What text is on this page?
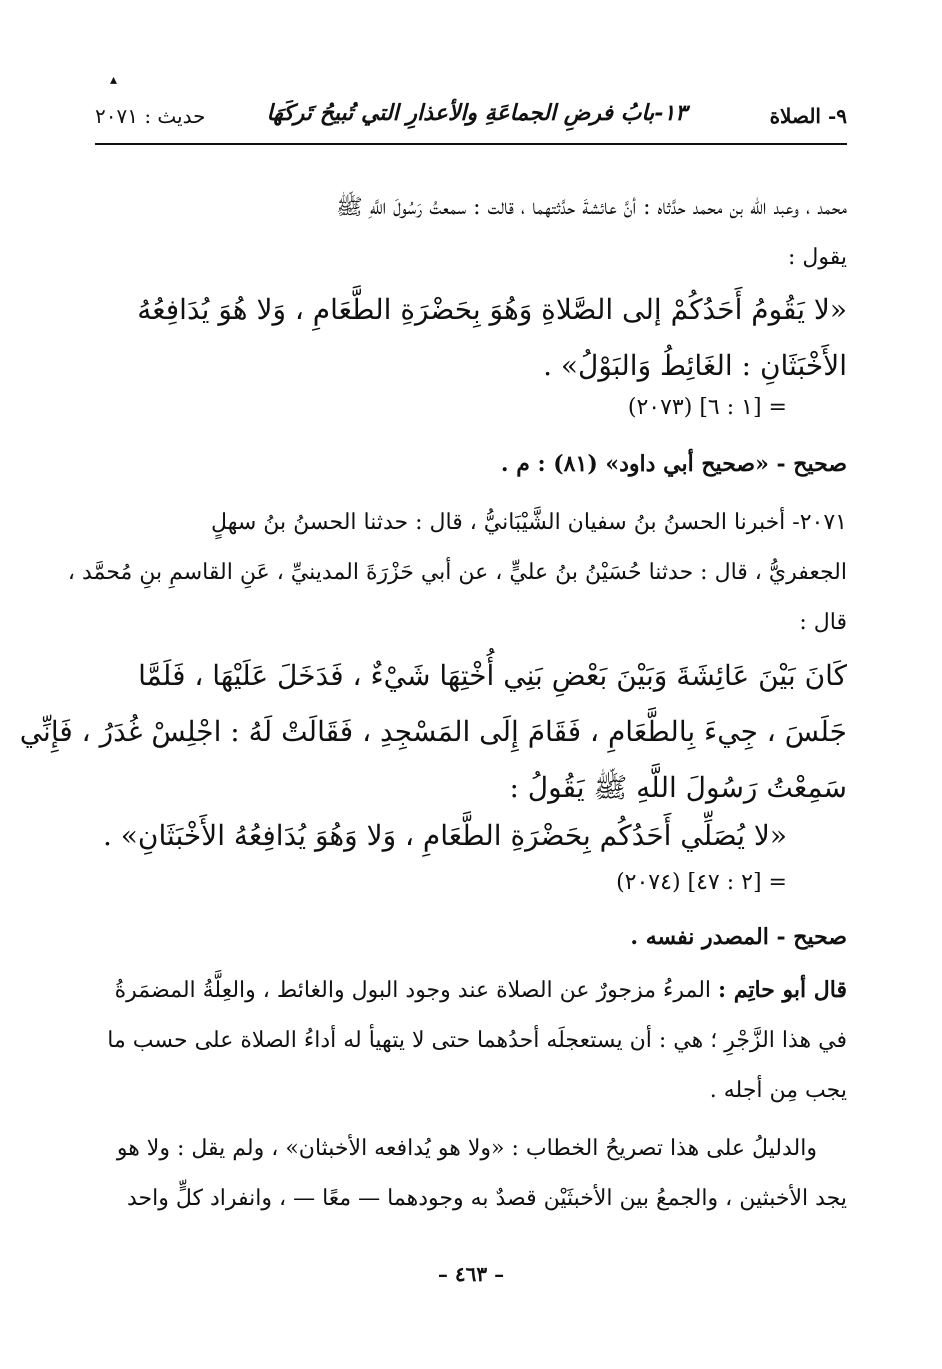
▴
٩- الصلاة
١٣-بابُ فرضِ الجماعَةِ والأعذارِ التي تُبيحُ تَركَهَا
حديث : ٢٠٧١
محمد ، وعبد اللّه بن محمد حدَّثاه : أنَّ عائشةَ حدَّثتهما ، قالت : سمعتُ رَسُولَ اللَّهِ ﷺ
يقول :
«لا يَقُومُ أَحَدُكُمْ إلى الصَّلاةِ وَهُوَ بِحَضْرَةِ الطَّعَامِ ، وَلا هُوَ يُدَافِعُهُ
الأَخْبَثَانِ : الغَائِطُ وَالبَوْلُ» .
= [١ : ٦] (٢٠٧٣)
صحيح - «صحيح أبي داود» (٨١) : م .
٢٠٧١- أخبرنا الحسنُ بنُ سفيان الشَّيْبَانيُّ ، قال : حدثنا الحسنُ بنُ سهلٍ
الجعفريُّ ، قال : حدثنا حُسَيْنُ بنُ عليٍّ ، عن أبي حَزْرَةَ المدينيِّ ، عَنِ القاسمِ بنِ مُحمَّد ،
قال :
كَانَ بَيْنَ عَائِشَةَ وَبَيْنَ بَعْضِ بَنِي أُخْتِهَا شَيْءٌ ، فَدَخَلَ عَلَيْهَا ، فَلَمَّا
جَلَسَ ، جِيءَ بِالطَّعَامِ ، فَقَامَ إِلَى المَسْجِدِ ، فَقَالَتْ لَهُ : اجْلِسْ غُدَرُ ، فَإِنِّي
سَمِعْتُ رَسُولَ اللَّهِ ﷺ يَقُولُ :
«لا يُصَلِّي أَحَدُكُم بِحَضْرَةِ الطَّعَامِ ، وَلا وَهُوَ يُدَافِعُهُ الأَخْبَثَانِ» .
= [٢ : ٤٧] (٢٠٧٤)
صحيح - المصدر نفسه .
قال أبو حاتِم : المرءُ مزجورٌ عن الصلاة عند وجود البول والغائط ، والعِلَّةُ المضمَرةُ
في هذا الزَّجْرِ ؛ هي : أن يستعجلَه أحدُهما حتى لا يتهيأ له أداءُ الصلاة على حسب ما
يجب مِن أجله .
والدليلُ على هذا تصريحُ الخطاب : «ولا هو يُدافعه الأخبثان» ، ولم يقل : ولا هو
يجد الأخبثين ، والجمعُ بين الأخبثَيْن قصدٌ به وجودهما — معًا — ، وانفراد كلٍّ واحد
– ٤٦٣ –
